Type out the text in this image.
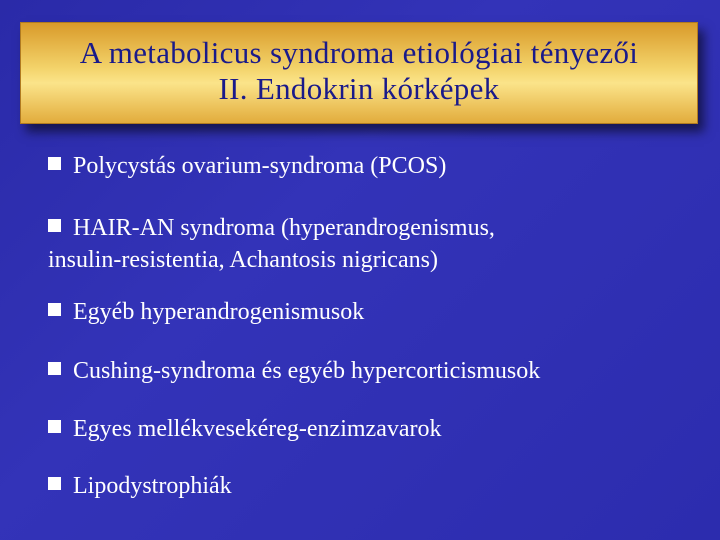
A metabolicus syndroma etiológiai tényezői
II. Endokrin kórképek
Polycystás ovarium-syndroma (PCOS)
HAIR-AN syndroma (hyperandrogenismus,
insulin-resistentia, Achantosis nigricans)
Egyéb hyperandrogenismusok
Cushing-syndroma és egyéb hypercorticismusok
Egyes mellékvesekéreg-enzimzavarok
Lipodystrophiák
